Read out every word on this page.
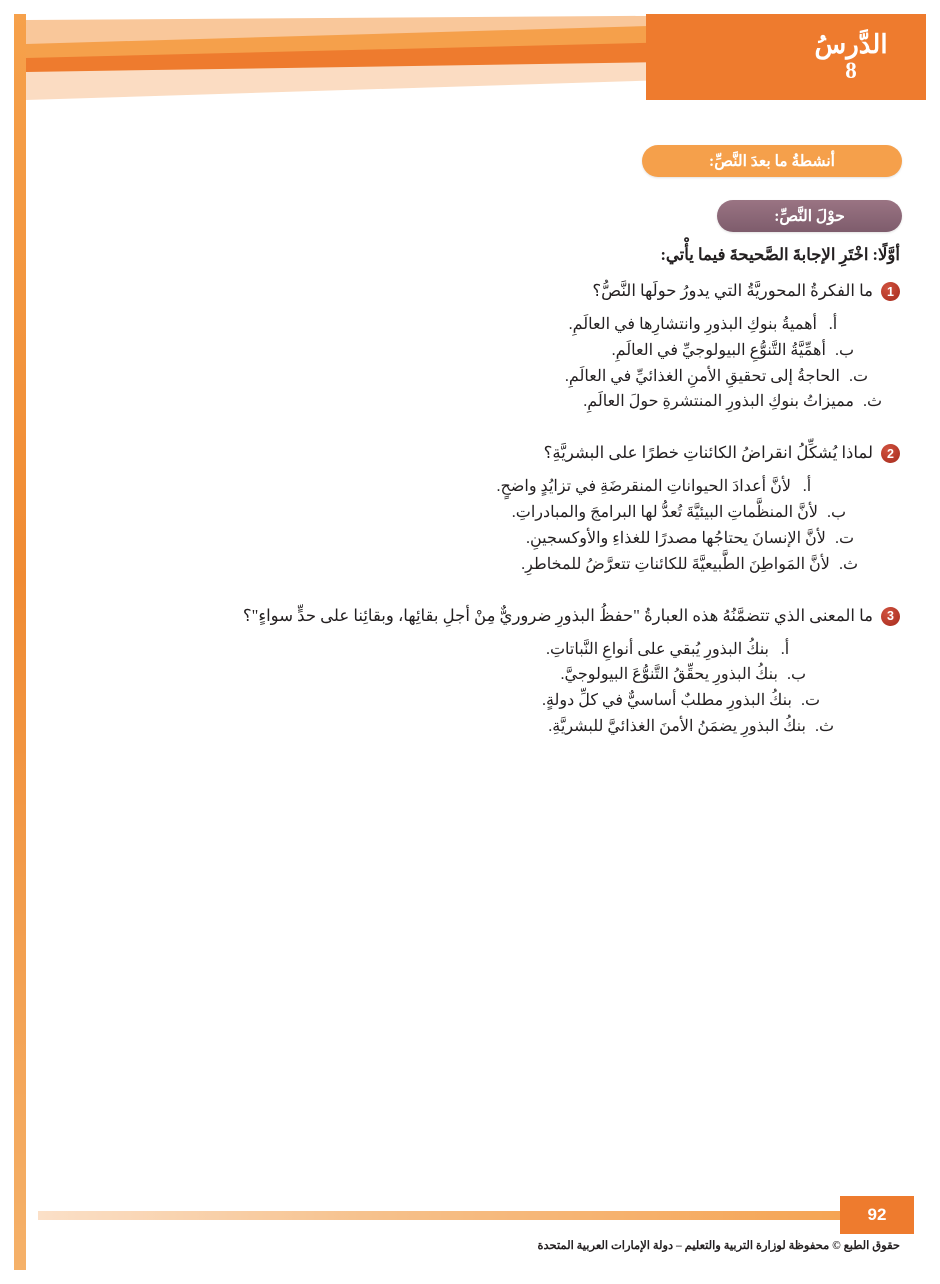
الدَّرسُ
8
أنشطةُ ما بعدَ النَّصِّ:
حوْلَ النَّصِّ:

أوَّلًا: اخْتَرِ الإجابةَ الصَّحيحةَ فيما يأْتي:

1
ما الفكرةُ المحوريَّةُ التي يدورُ حولَها النَّصُّ؟
أ.
أهميةُ بنوكِ البذورِ وانتشارِها في العالَمِ.
ب.
أهمِّيَّةُ التَّنوُّعِ البيولوجيِّ في العالَمِ.
ت.
الحاجةُ إلى تحقيقِ الأمنِ الغذائيِّ في العالَمِ.
ث.
مميزاتُ بنوكِ البذورِ المنتشرةِ حولَ العالَمِ.
2
لماذا يُشكِّلُ انقراضُ الكائناتِ خطرًا على البشريَّةِ؟
أ.
لأنَّ أعدادَ الحيواناتِ المنقرضَةِ في تزايُدٍ واضحٍ.
ب.
لأنَّ المنظَّماتِ البيئيَّةَ تُعدُّ لها البرامجَ والمبادراتِ.
ت.
لأنَّ الإنسانَ يحتاجُها مصدرًا للغذاءِ والأوكسجينِ.
ث.
لأنَّ المَواطِنَ الطَّبيعيَّةَ للكائناتِ تتعرَّضُ للمخاطرِ.
3
ما المعنى الذي تتضمَّنُهُ هذه العبارةُ "حفظُ البذورِ ضروريٌّ مِنْ أجلِ بقائِها، وبقائِنا على حدٍّ سواءٍ"؟
أ.
بنكُ البذورِ يُبقي على أنواعِ النَّباتاتِ.
ب.
بنكُ البذورِ يحقِّقُ التَّنوُّعَ البيولوجيَّ.
ت.
بنكُ البذورِ مطلبٌ أساسيٌّ في كلِّ دولةٍ.
ث.
بنكُ البذورِ يضمَنُ الأمنَ الغذائيَّ للبشريَّةِ.
92
حقوق الطبع © محفوظة لوزارة التربية والتعليم – دولة الإمارات العربية المتحدة
